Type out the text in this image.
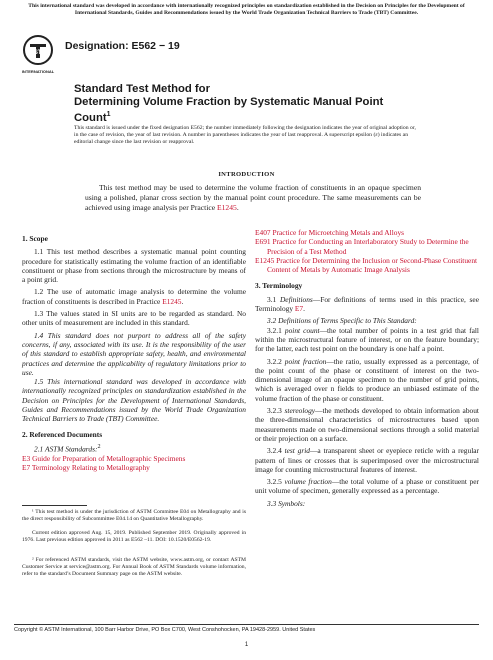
This international standard was developed in accordance with internationally recognized principles on standardization established in the Decision on Principles for the Development of International Standards, Guides and Recommendations issued by the World Trade Organization Technical Barriers to Trade (TBT) Committee.
ASTM
INTERNATIONAL
Designation: E562 − 19
Standard Test Method for
Determining Volume Fraction by Systematic Manual Point
Count$^1$
This standard is issued under the fixed designation E562; the number immediately following the designation indicates the year of original adoption or, in the case of revision, the year of last revision. A number in parentheses indicates the year of last reapproval. A superscript epsilon (ε) indicates an editorial change since the last revision or reapproval.
INTRODUCTION
This test method may be used to determine the volume fraction of constituents in an opaque specimen using a polished, planar cross section by the manual point count procedure. The same measurements can be achieved using image analysis per Practice E1245.
1. Scope
1.1 This test method describes a systematic manual point counting procedure for statistically estimating the volume fraction of an identifiable constituent or phase from sections through the microstructure by means of a point grid.
1.2 The use of automatic image analysis to determine the volume fraction of constituents is described in Practice E1245.
1.3 The values stated in SI units are to be regarded as standard. No other units of measurement are included in this standard.
1.4 This standard does not purport to address all of the safety concerns, if any, associated with its use. It is the responsibility of the user of this standard to establish appropriate safety, health, and environmental practices and determine the applicability of regulatory limitations prior to use.
1.5 This international standard was developed in accordance with internationally recognized principles on standardization established in the Decision on Principles for the Development of International Standards, Guides and Recommendations issued by the World Trade Organization Technical Barriers to Trade (TBT) Committee.
2. Referenced Documents
2.1 ASTM Standards:$^2$
E3 Guide for Preparation of Metallographic Specimens
E7 Terminology Relating to Metallography
¹ This test method is under the jurisdiction of ASTM Committee E04 on Metallography and is the direct responsibility of Subcommittee E04.14 on Quantitative Metallography.
Current edition approved Aug. 15, 2019. Published September 2019. Originally approved in 1976. Last previous edition approved in 2011 as E562 –11. DOI: 10.1520/E0562-19.
² For referenced ASTM standards, visit the ASTM website, www.astm.org, or contact ASTM Customer Service at service@astm.org. For Annual Book of ASTM Standards volume information, refer to the standard’s Document Summary page on the ASTM website.
E407 Practice for Microetching Metals and Alloys
E691 Practice for Conducting an Interlaboratory Study to Determine the Precision of a Test Method
E1245 Practice for Determining the Inclusion or Second-Phase Constituent Content of Metals by Automatic Image Analysis
3. Terminology
3.1 Definitions—For definitions of terms used in this practice, see Terminology E7.
3.2 Definitions of Terms Specific to This Standard:
3.2.1 point count—the total number of points in a test grid that fall within the microstructural feature of interest, or on the feature boundary; for the latter, each test point on the boundary is one half a point.
3.2.2 point fraction—the ratio, usually expressed as a percentage, of the point count of the phase or constituent of interest on the two-dimensional image of an opaque specimen to the number of grid points, which is averaged over n fields to produce an unbiased estimate of the volume fraction of the phase or constituent.
3.2.3 stereology—the methods developed to obtain information about the three-dimensional characteristics of microstructures based upon measurements made on two-dimensional sections through a solid material or their projection on a surface.
3.2.4 test grid—a transparent sheet or eyepiece reticle with a regular pattern of lines or crosses that is superimposed over the microstructural image for counting microstructural features of interest.
3.2.5 volume fraction—the total volume of a phase or constituent per unit volume of specimen, generally expressed as a percentage.
3.3 Symbols:
Copyright © ASTM International, 100 Barr Harbor Drive, PO Box C700, West Conshohocken, PA 19428-2959. United States
1
